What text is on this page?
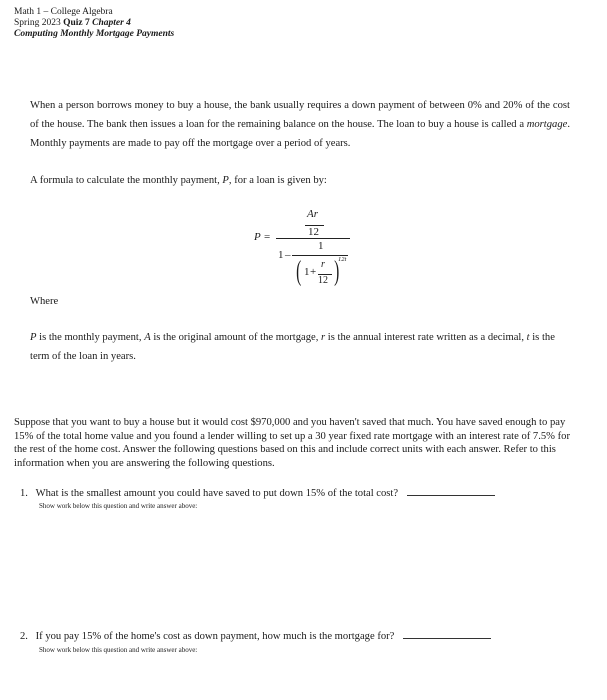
Math 1 – College Algebra
Spring 2023 Quiz 7 Chapter 4
Computing Monthly Mortgage Payments
When a person borrows money to buy a house, the bank usually requires a down payment of between 0% and 20% of the cost of the house. The bank then issues a loan for the remaining balance on the house. The loan to buy a house is called a mortgage. Monthly payments are made to pay off the mortgage over a period of years.
A formula to calculate the monthly payment, P, for a loan is given by:
P =
Ar
12
1 –
1
( 1 +
r
12 )
12t
Where
P is the monthly payment, A is the original amount of the mortgage, r is the annual interest rate written as a decimal, t is the term of the loan in years.
Suppose that you want to buy a house but it would cost $970,000 and you haven't saved that much. You have saved enough to pay 15% of the total home value and you found a lender willing to set up a 30 year fixed rate mortgage with an interest rate of 7.5% for the rest of the home cost. Answer the following questions based on this and include correct units with each answer. Refer to this information when you are answering the following questions.
1. What is the smallest amount you could have saved to put down 15% of the total cost?
Show work below this question and write answer above:
2. If you pay 15% of the home's cost as down payment, how much is the mortgage for?
Show work below this question and write answer above:
